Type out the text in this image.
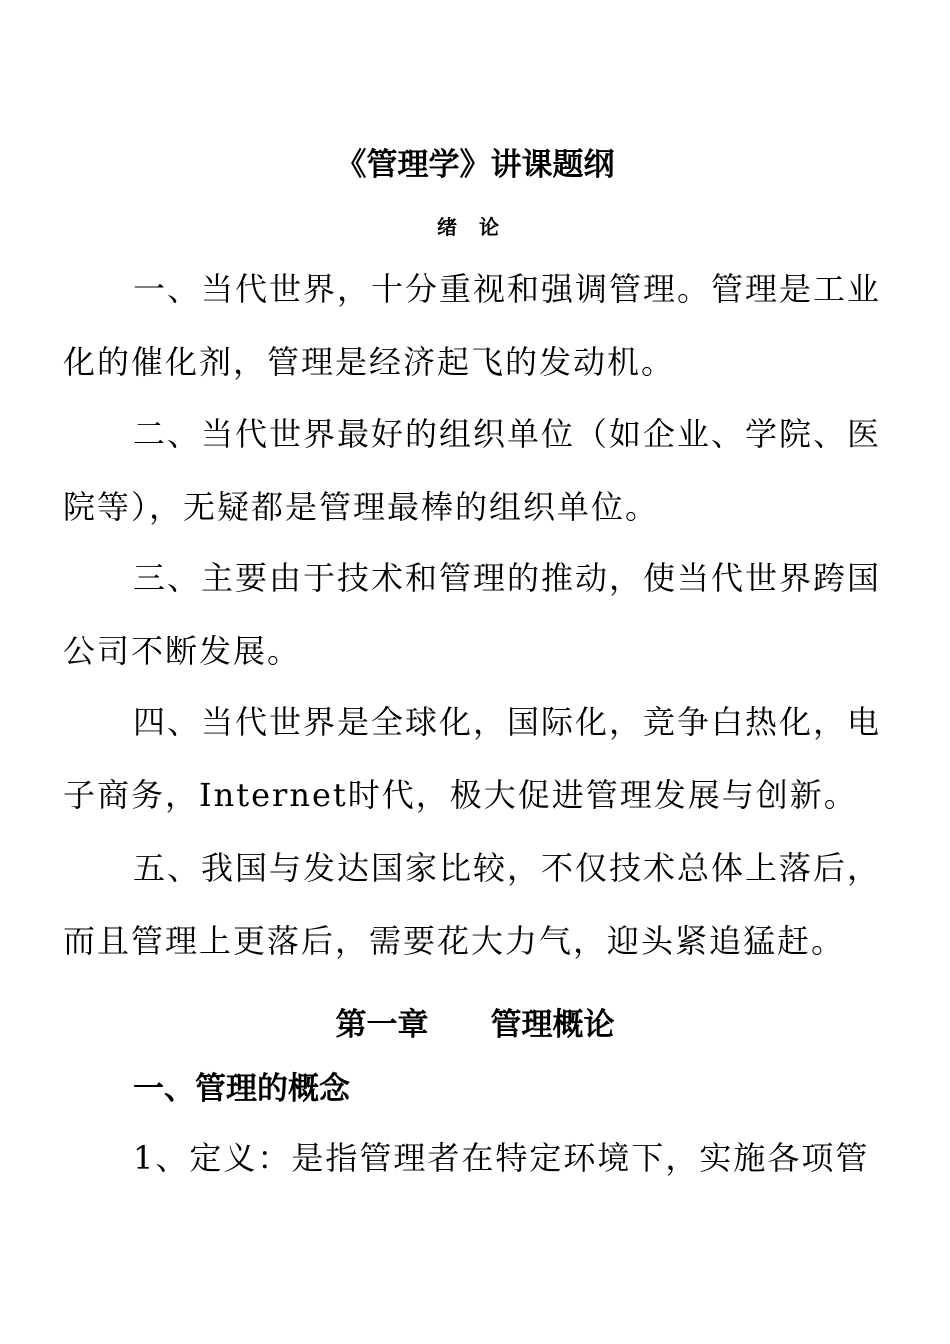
《管理学》讲课题纲
绪论
一、当代世界，十分重视和强调管理。管理是工业化的催化剂，管理是经济起飞的发动机。
二、当代世界最好的组织单位（如企业、学院、医院等），无疑都是管理最棒的组织单位。
三、主要由于技术和管理的推动，使当代世界跨国公司不断发展。
四、当代世界是全球化，国际化，竞争白热化，电子商务，Internet时代，极大促进管理发展与创新。
五、我国与发达国家比较，不仅技术总体上落后，而且管理上更落后，需要花大力气，迎头紧追猛赶。
第一章 管理概论
一、管理的概念
1、定义：是指管理者在特定环境下，实施各项管
